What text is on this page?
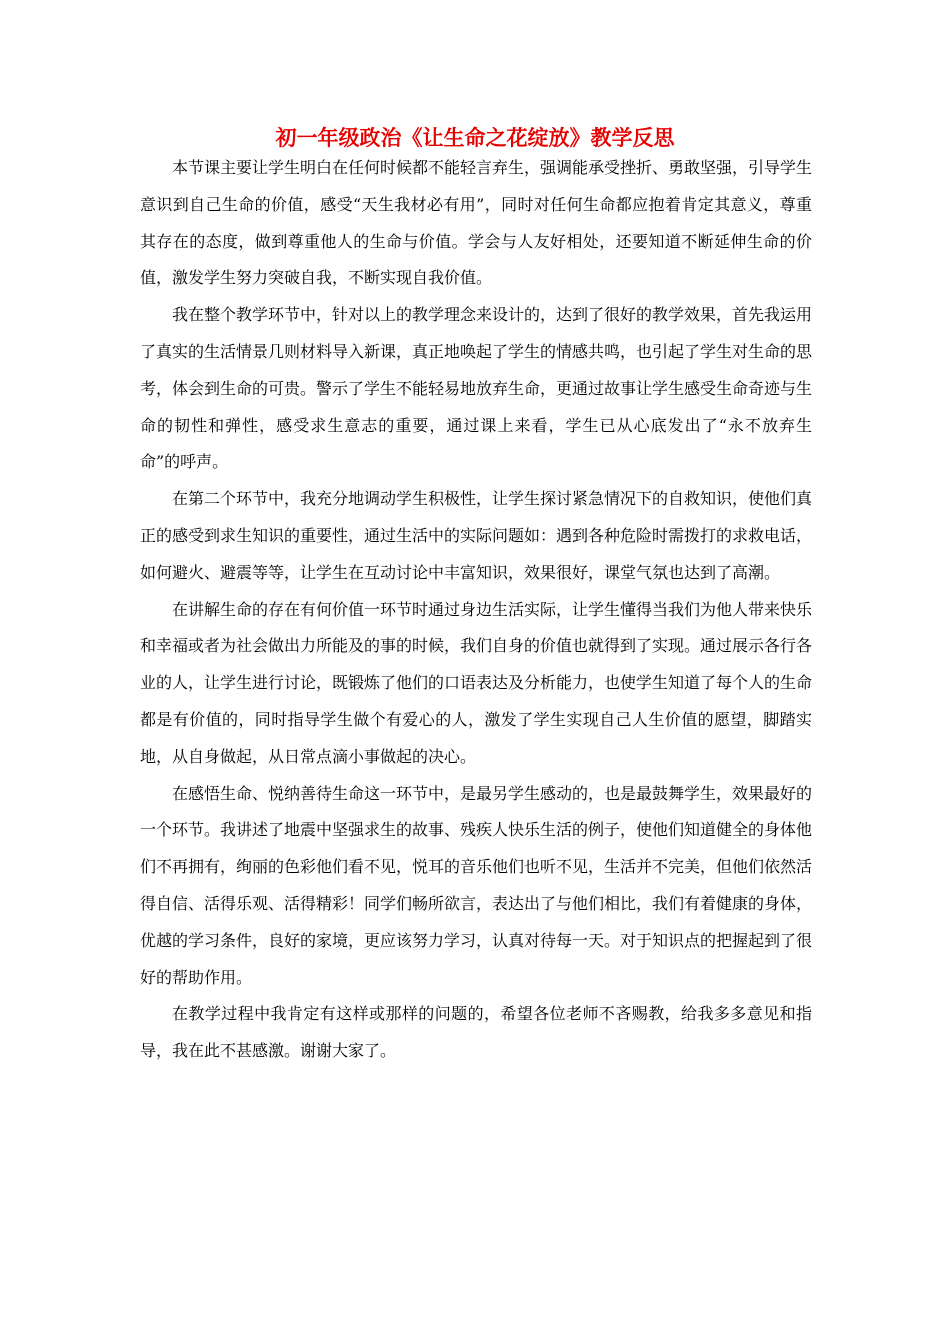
初一年级政治《让生命之花绽放》教学反思

本节课主要让学生明白在任何时候都不能轻言弃生，强调能承受挫折、勇敢坚强，引导学生意识到自己生命的价值，感受“天生我材必有用”，同时对任何生命都应抱着肯定其意义，尊重其存在的态度，做到尊重他人的生命与价值。学会与人友好相处，还要知道不断延伸生命的价值，激发学生努力突破自我，不断实现自我价值。

我在整个教学环节中，针对以上的教学理念来设计的，达到了很好的教学效果，首先我运用了真实的生活情景几则材料导入新课，真正地唤起了学生的情感共鸣，也引起了学生对生命的思考，体会到生命的可贵。警示了学生不能轻易地放弃生命，更通过故事让学生感受生命奇迹与生命的韧性和弹性，感受求生意志的重要，通过课上来看，学生已从心底发出了“永不放弃生命”的呼声。

在第二个环节中，我充分地调动学生积极性，让学生探讨紧急情况下的自救知识，使他们真正的感受到求生知识的重要性，通过生活中的实际问题如：遇到各种危险时需拨打的求救电话，如何避火、避震等等，让学生在互动讨论中丰富知识，效果很好，课堂气氛也达到了高潮。

在讲解生命的存在有何价值一环节时通过身边生活实际，让学生懂得当我们为他人带来快乐和幸福或者为社会做出力所能及的事的时候，我们自身的价值也就得到了实现。通过展示各行各业的人，让学生进行讨论，既锻炼了他们的口语表达及分析能力，也使学生知道了每个人的生命都是有价值的，同时指导学生做个有爱心的人，激发了学生实现自己人生价值的愿望，脚踏实地，从自身做起，从日常点滴小事做起的决心。

在感悟生命、悦纳善待生命这一环节中，是最另学生感动的，也是最鼓舞学生，效果最好的一个环节。我讲述了地震中坚强求生的故事、残疾人快乐生活的例子，使他们知道健全的身体他们不再拥有，绚丽的色彩他们看不见，悦耳的音乐他们也听不见，生活并不完美，但他们依然活得自信、活得乐观、活得精彩！同学们畅所欲言，表达出了与他们相比，我们有着健康的身体，优越的学习条件，良好的家境，更应该努力学习，认真对待每一天。对于知识点的把握起到了很好的帮助作用。

在教学过程中我肯定有这样或那样的问题的，希望各位老师不吝赐教，给我多多意见和指导，我在此不甚感激。谢谢大家了。
